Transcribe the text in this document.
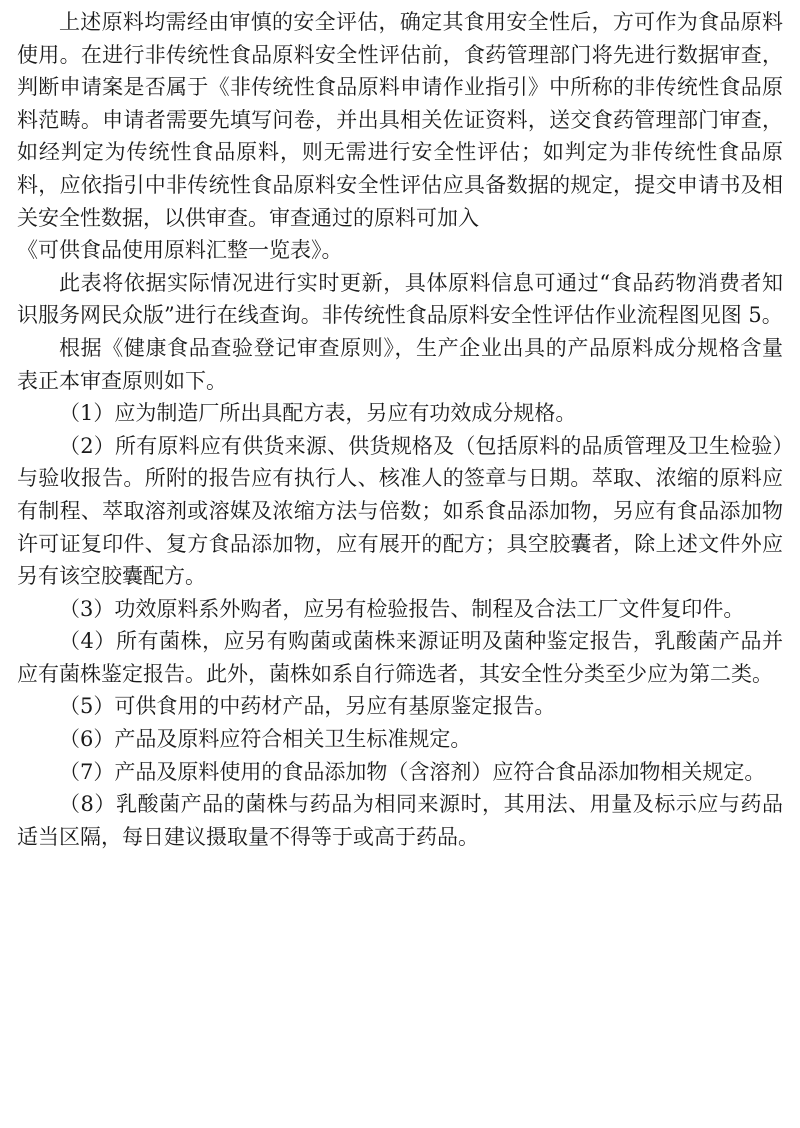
上述原料均需经由审慎的安全评估，确定其食用安全性后，方可作为食品原料使用。在进行非传统性食品原料安全性评估前，食药管理部门将先进行数据审查，判断申请案是否属于《非传统性食品原料申请作业指引》中所称的非传统性食品原料范畴。申请者需要先填写问卷，并出具相关佐证资料，送交食药管理部门审查，如经判定为传统性食品原料，则无需进行安全性评估；如判定为非传统性食品原料，应依指引中非传统性食品原料安全性评估应具备数据的规定，提交申请书及相关安全性数据，以供审查。审查通过的原料可加入

《可供食品使用原料汇整一览表》。

此表将依据实际情况进行实时更新，具体原料信息可通过“食品药物消费者知识服务网民众版”进行在线查询。非传统性食品原料安全性评估作业流程图见图 5。

根据《健康食品查验登记审查原则》，生产企业出具的产品原料成分规格含量表正本审查原则如下。

（1）应为制造厂所出具配方表，另应有功效成分规格。

（2）所有原料应有供货来源、供货规格及（包括原料的品质管理及卫生检验）与验收报告。所附的报告应有执行人、核准人的签章与日期。萃取、浓缩的原料应有制程、萃取溶剂或溶媒及浓缩方法与倍数；如系食品添加物，另应有食品添加物许可证复印件、复方食品添加物，应有展开的配方；具空胶囊者，除上述文件外应另有该空胶囊配方。

（3）功效原料系外购者，应另有检验报告、制程及合法工厂文件复印件。

（4）所有菌株，应另有购菌或菌株来源证明及菌种鉴定报告，乳酸菌产品并应有菌株鉴定报告。此外，菌株如系自行筛选者，其安全性分类至少应为第二类。

（5）可供食用的中药材产品，另应有基原鉴定报告。

（6）产品及原料应符合相关卫生标准规定。

（7）产品及原料使用的食品添加物（含溶剂）应符合食品添加物相关规定。

（8）乳酸菌产品的菌株与药品为相同来源时，其用法、用量及标示应与药品适当区隔，每日建议摄取量不得等于或高于药品。
